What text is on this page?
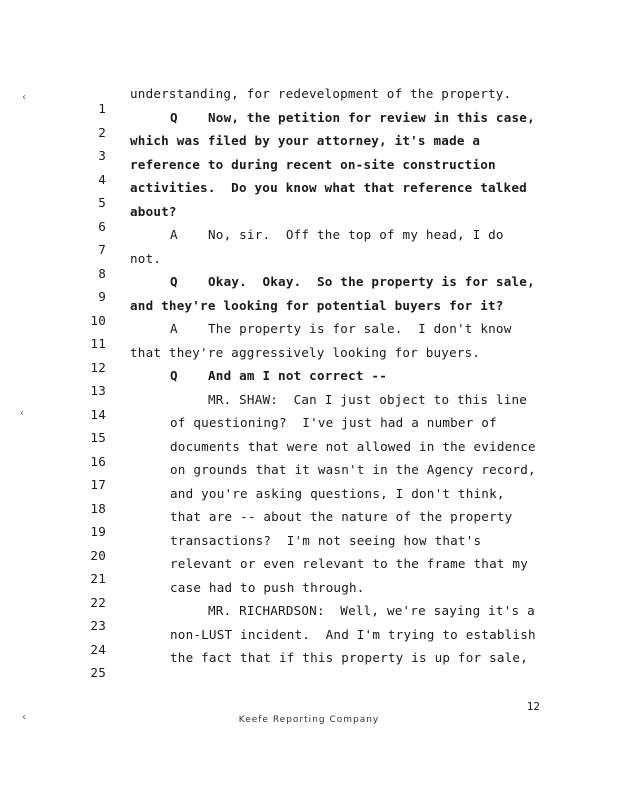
‹
‹
‹

1

understanding, for redevelopment of the property.

2

Q

Now, the petition for review in this case,

3

which was filed by your attorney, it's made a

4

reference to during recent on-site construction

5

activities.  Do you know what that reference talked

6

about?

7

A

No, sir.  Off the top of my head, I do

8

not.

9

Q

Okay.  Okay.  So the property is for sale,

10

and they're looking for potential buyers for it?

11

A

The property is for sale.  I don't know

12

that they're aggressively looking for buyers.

13

Q

And am I not correct --

14

MR. SHAW:  Can I just object to this line

15

of questioning?  I've just had a number of

16

documents that were not allowed in the evidence

17

on grounds that it wasn't in the Agency record,

18

and you're asking questions, I don't think,

19

that are -- about the nature of the property

20

transactions?  I'm not seeing how that's

21

relevant or even relevant to the frame that my

22

case had to push through.

23

MR. RICHARDSON:  Well, we're saying it's a

24

non-LUST incident.  And I'm trying to establish

25

the fact that if this property is up for sale,

12
Keefe Reporting Company
